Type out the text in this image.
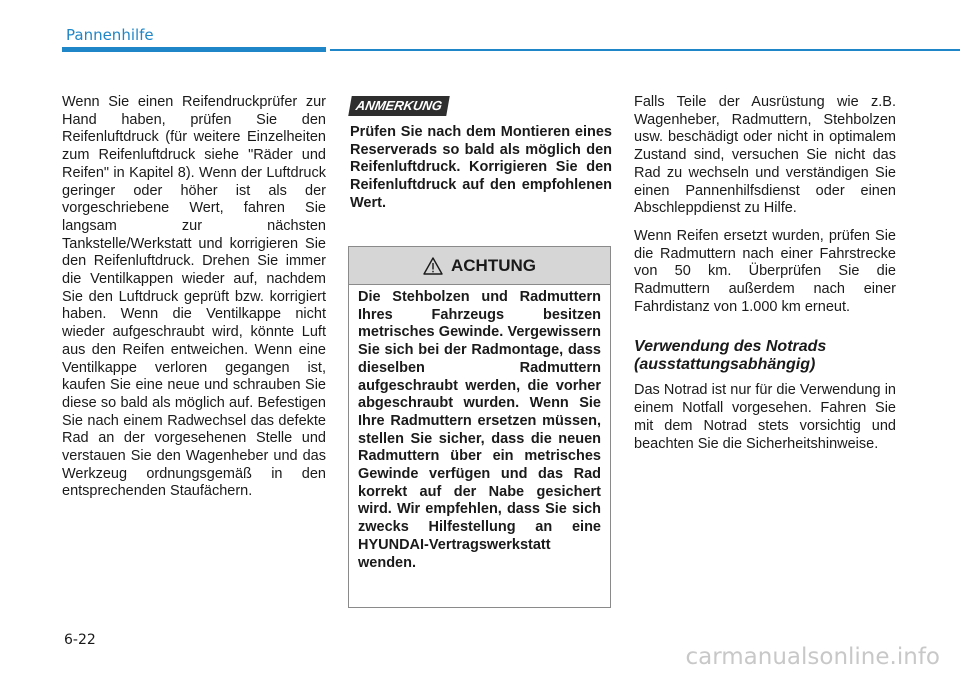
Pannenhilfe

Wenn Sie einen Reifendruckprüfer zur Hand haben, prüfen Sie den Reifenluftdruck (für weitere Einzelheiten zum Reifenluftdruck siehe "Räder und Reifen" in Kapitel 8). Wenn der Luftdruck geringer oder höher ist als der vorgeschriebene Wert, fahren Sie langsam zur nächsten Tankstelle/Werkstatt und korrigieren Sie den Reifenluftdruck. Drehen Sie immer die Ventilkappen wieder auf, nachdem Sie den Luftdruck geprüft bzw. korrigiert haben. Wenn die Ventilkappe nicht wieder aufgeschraubt wird, könnte Luft aus den Reifen entweichen. Wenn eine Ventilkappe verloren gegangen ist, kaufen Sie eine neue und schrauben Sie diese so bald als möglich auf. Befestigen Sie nach einem Radwechsel das defekte Rad an der vorgesehenen Stelle und verstauen Sie den Wagenheber und das Werkzeug ordnungsgemäß in den entsprechenden Staufächern.

ANMERKUNG
Prüfen Sie nach dem Montieren eines Reserverads so bald als möglich den Reifenluftdruck. Korrigieren Sie den Reifenluftdruck auf den empfohlenen Wert.
ACHTUNG
Die Stehbolzen und Radmuttern Ihres Fahrzeugs besitzen metrisches Gewinde. Vergewissern Sie sich bei der Radmontage, dass dieselben Radmuttern aufgeschraubt werden, die vorher abgeschraubt wurden. Wenn Sie Ihre Radmuttern ersetzen müssen, stellen Sie sicher, dass die neuen Radmuttern über ein metrisches Gewinde verfügen und das Rad korrekt auf der Nabe gesichert wird. Wir empfehlen, dass Sie sich zwecks Hilfestellung an eine HYUNDAI-Vertragswerkstatt wenden.

Falls Teile der Ausrüstung wie z.B. Wagenheber, Radmuttern, Stehbolzen usw. beschädigt oder nicht in optimalem Zustand sind, versuchen Sie nicht das Rad zu wechseln und verständigen Sie einen Pannenhilfsdienst oder einen Abschleppdienst zu Hilfe.

Wenn Reifen ersetzt wurden, prüfen Sie die Radmuttern nach einer Fahrstrecke von 50 km. Überprüfen Sie die Radmuttern außerdem nach einer Fahrdistanz von 1.000 km erneut.

Verwendung des Notrads (ausstattungsabhängig)

Das Notrad ist nur für die Verwendung in einem Notfall vorgesehen. Fahren Sie mit dem Notrad stets vorsichtig und beachten Sie die Sicherheitshinweise.

6-22
carmanualsonline.info
